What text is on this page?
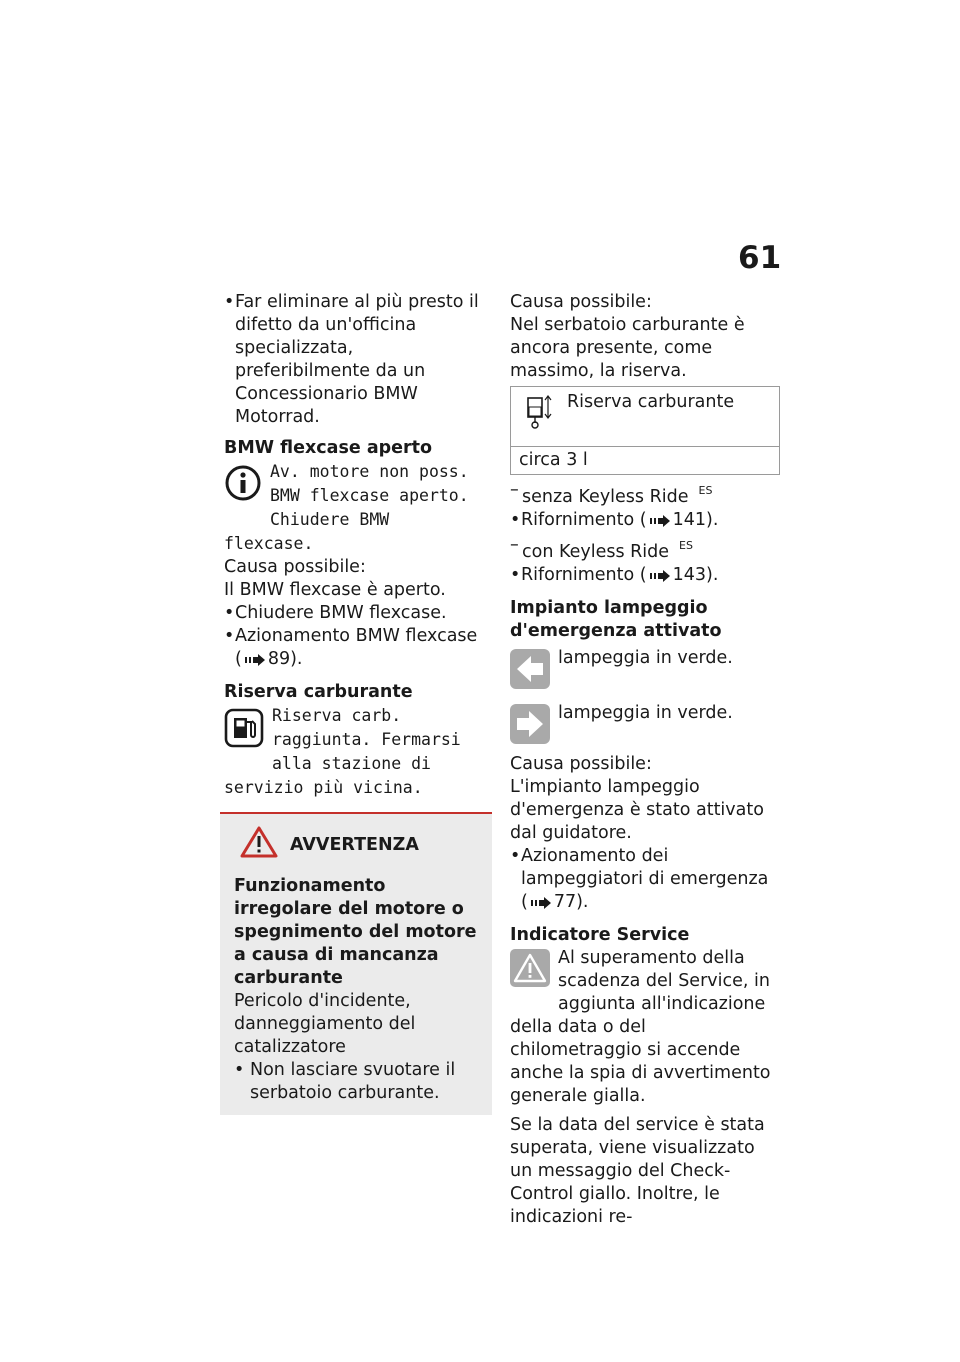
61

• Far eliminare al più presto il difetto da un'officina specializzata, preferibilmente da un Concessionario BMW Motorrad.

BMW flexcase aperto
Av. motore non poss. BMW flexcase aperto. Chiudere BMW flexcase.

Causa possibile:

Il BMW flexcase è aperto.

• Chiudere BMW flexcase.

• Azionamento BMW flexcase ( 89).

Riserva carburante
Riserva carb. raggiunta. Fermarsi alla stazione di servizio più vicina.
AVVERTENZA

Funzionamento irregolare del motore o spegnimento del motore a causa di mancanza carburante

Pericolo d'incidente, danneggiamento del catalizzatore

• Non lasciare svuotare il serbatoio carburante.

Causa possibile:

Nel serbatoio carburante è ancora presente, come massimo, la riserva.

Riserva carburante
circa 3 l

– senza Keyless Ride $^{ES}$

• Rifornimento ( 141).

– con Keyless Ride $^{ES}$

• Rifornimento ( 143).

Impianto lampeggio d'emergenza attivato
lampeggia in verde.
lampeggia in verde.

Causa possibile:

L'impianto lampeggio d'emergenza è stato attivato dal guidatore.

• Azionamento dei lampeggiatori di emergenza ( 77).

Indicatore Service
Al superamento della scadenza del Service, in aggiunta all'indicazione della data o del chilometraggio si accende anche la spia di avvertimento generale gialla.

Se la data del service è stata superata, viene visualizzato un messaggio del Check-Control giallo. Inoltre, le indicazioni re-
